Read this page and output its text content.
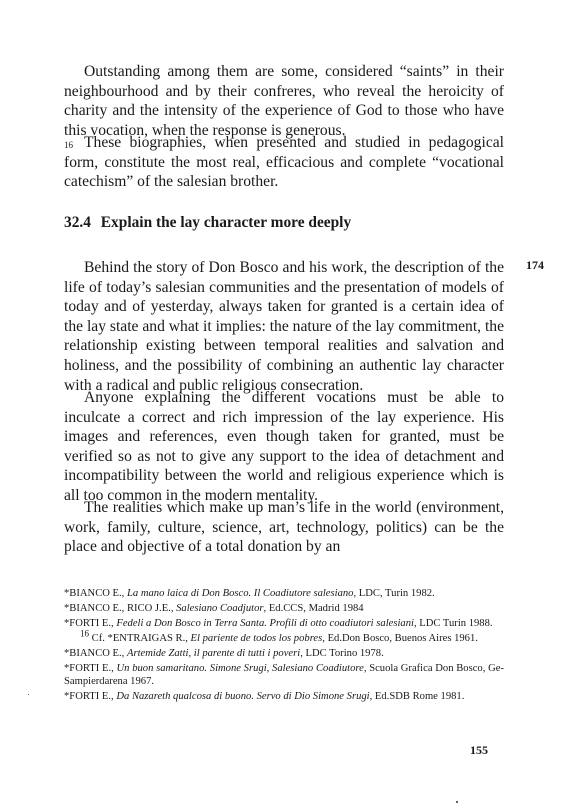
Outstanding among them are some, considered “saints” in their neighbourhood and by their confreres, who reveal the heroicity of charity and the intensity of the experience of God to those who have this vocation, when the response is generous.
$^{16}$ These biographies, when presented and studied in pedagogical form, constitute the most real, efficacious and complete “vocational catechism” of the salesian brother.

32.4 Explain the lay character more deeply
174

Behind the story of Don Bosco and his work, the description of the life of today’s salesian communities and the presentation of models of today and of yesterday, always taken for granted is a certain idea of the lay state and what it implies: the nature of the lay commitment, the relationship existing between temporal realities and salvation and holiness, and the possibility of combining an authentic lay character with a radical and public religious consecration.

Anyone explaining the different vocations must be able to inculcate a correct and rich impression of the lay experience. His images and references, even though taken for granted, must be verified so as not to give any support to the idea of detachment and incompatibility between the world and religious experience which is all too common in the modern mentality.

The realities which make up man’s life in the world (environment, work, family, culture, science, art, technology, politics) can be the place and objective of a total donation by an

*BIANCO E., La mano laica di Don Bosco. Il Coadiutore salesiano, LDC, Turin 1982.

*BIANCO E., RICO J.E., Salesiano Coadjutor, Ed.CCS, Madrid 1984

*FORTI E., Fedeli a Don Bosco in Terra Santa. Profili di otto coadiutori salesiani, LDC Turin 1988.

$^{16}$ Cf. *ENTRAIGAS R., El pariente de todos los pobres, Ed.Don Bosco, Buenos Aires 1961.

*BIANCO E., Artemide Zatti, il parente di tutti i poveri, LDC Torino 1978.

*FORTI E., Un buon samaritano. Simone Srugi, Salesiano Coadiutore, Scuola Grafica Don Bosco, Ge-Sampierdarena 1967.

*FORTI E., Da Nazareth qualcosa di buono. Servo di Dio Simone Srugi, Ed.SDB Rome 1981.

155
